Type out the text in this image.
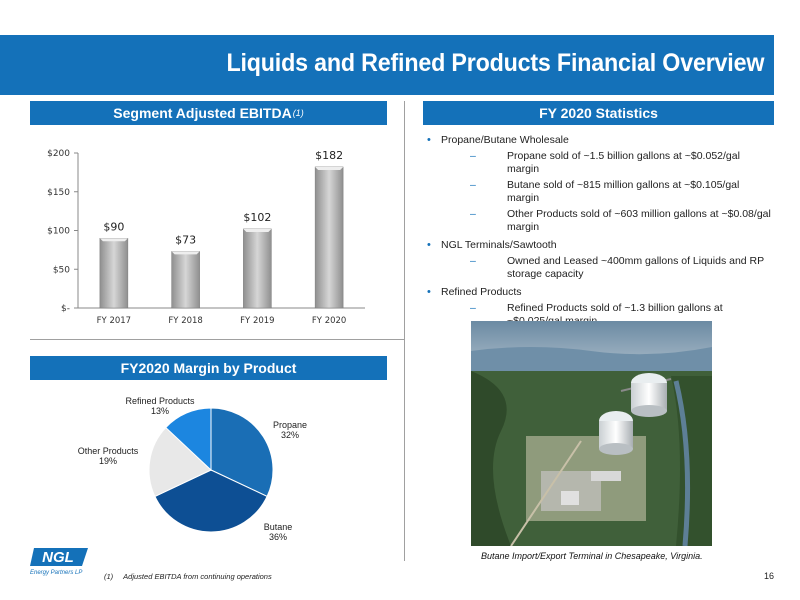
Liquids and Refined Products Financial Overview
Segment Adjusted EBITDA (1)	FY 2020 Statistics
FY2020 Margin by Product
$-
$50
$100
$150
$200
$90
FY 2017
$73
FY 2018
$102
FY 2019
$182
FY 2020
Propane
32%
Butane
36%
Other Products
19%
Refined Products
13%
• Propane/Butane Wholesale
– Propane sold of ~1.5 billion gallons at ~$0.052/gal margin
– Butane sold of ~815 million gallons at ~$0.105/gal margin
– Other Products sold of ~603 million gallons at ~$0.08/gal margin
• NGL Terminals/Sawtooth
– Owned and Leased ~400mm gallons of Liquids and RP storage capacity
• Refined Products
– Refined Products sold of ~1.3 billion gallons at
Butane Import/Export Terminal in Chesapeake, Virginia.
NGL
Energy Partners LP	(1) Adjusted EBITDA from continuing operations	16
